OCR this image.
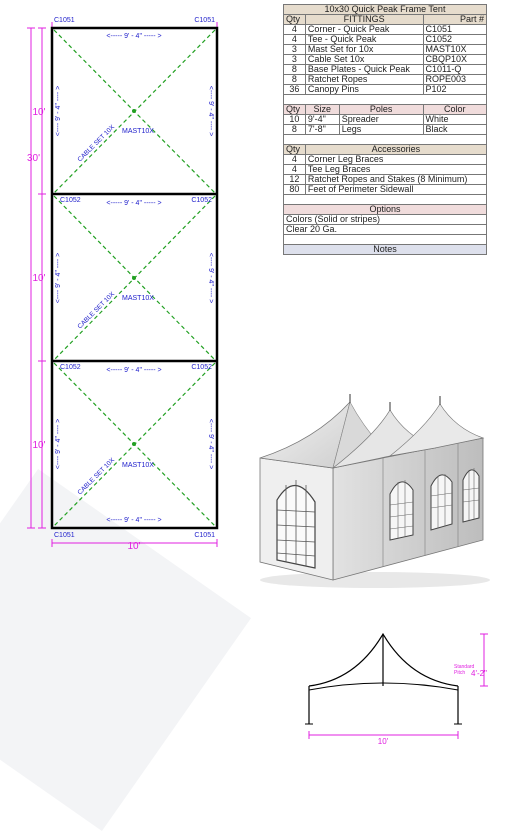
C1051	C1051
C1052	C1052
C1052	C1052
C1051	C1051
<----- 9' - 4" ----- >
<----- 9' - 4" ----- >
<----- 9' - 4" ----- >
<----- 9' - 4" ----- >
<---- 9' - 4" ---- >
<---- 9' - 4" ---- >
<---- 9' - 4" ---- >
<---- 9' - 4" ---- >
<---- 9' - 4" ---- >
<---- 9' - 4" ---- >
CABLE SET 10X
CABLE SET 10X
CABLE SET 10X
MAST10X
MAST10X
MAST10X
10'
10'
10'
30'
10'
10x30 Quick Peak Frame Tent			
Qty	FITTINGS		Part #
4	Corner - Quick Peak		C1051
4	Tee - Quick Peak		C1052
3	Mast Set for 10x		MAST10X
3	Cable Set 10x		CBQP10X
8	Base Plates - Quick Peak		C1011-Q
8	Ratchet Ropes		ROPE003
36	Canopy Pins		P102

Qty	Size	Poles	Color
10	9'-4"	Spreader	White
8	7'-8"	Legs	Black

Qty	Accessories		
4	Corner Leg Braces		
4	Tee Leg Braces		
12	Ratchet Ropes and Stakes (8 Minimum)		
80	Feet of Perimeter Sidewall		

Options			
Colors (Solid or stripes)			
Clear 20 Ga.			

Notes			
Standard
Pitch 4'-2"
10'
